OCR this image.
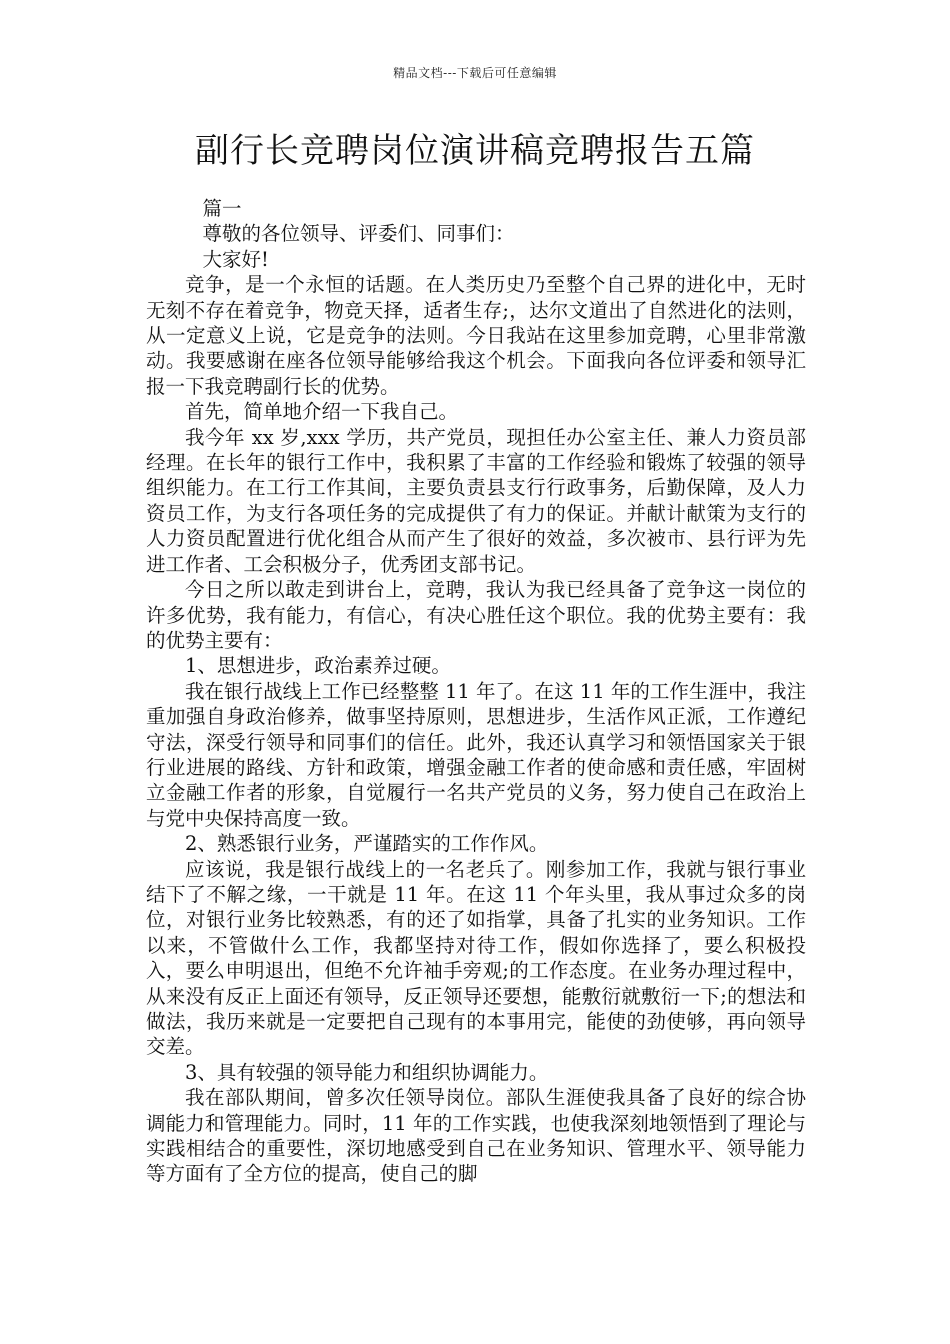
精品文档---下载后可任意编辑
副行长竞聘岗位演讲稿竞聘报告五篇

篇一

尊敬的各位领导、评委们、同事们：

大家好!

竞争，是一个永恒的话题。在人类历史乃至整个自己界的进化中，无时无刻不存在着竞争，物竞天择，适者生存;，达尔文道出了自然进化的法则，从一定意义上说，它是竞争的法则。今日我站在这里参加竞聘，心里非常激动。我要感谢在座各位领导能够给我这个机会。下面我向各位评委和领导汇报一下我竞聘副行长的优势。

首先，简单地介绍一下我自己。

我今年 xx 岁,xxx 学历，共产党员，现担任办公室主任、兼人力资员部经理。在长年的银行工作中，我积累了丰富的工作经验和锻炼了较强的领导组织能力。在工行工作其间，主要负责县支行行政事务，后勤保障，及人力资员工作，为支行各项任务的完成提供了有力的保证。并献计献策为支行的人力资员配置进行优化组合从而产生了很好的效益，多次被市、县行评为先进工作者、工会积极分子，优秀团支部书记。

今日之所以敢走到讲台上，竞聘，我认为我已经具备了竞争这一岗位的许多优势，我有能力，有信心，有决心胜任这个职位。我的优势主要有：我的优势主要有：

1、思想进步，政治素养过硬。

我在银行战线上工作已经整整 11 年了。在这 11 年的工作生涯中，我注重加强自身政治修养，做事坚持原则，思想进步，生活作风正派，工作遵纪守法，深受行领导和同事们的信任。此外，我还认真学习和领悟国家关于银行业进展的路线、方针和政策，增强金融工作者的使命感和责任感，牢固树立金融工作者的形象，自觉履行一名共产党员的义务，努力使自己在政治上与党中央保持高度一致。

2、熟悉银行业务，严谨踏实的工作作风。

应该说，我是银行战线上的一名老兵了。刚参加工作，我就与银行事业结下了不解之缘，一干就是 11 年。在这 11 个年头里，我从事过众多的岗位，对银行业务比较熟悉，有的还了如指掌，具备了扎实的业务知识。工作以来，不管做什么工作，我都坚持对待工作，假如你选择了，要么积极投入，要么申明退出，但绝不允许袖手旁观;的工作态度。在业务办理过程中，从来没有反正上面还有领导，反正领导还要想，能敷衍就敷衍一下;的想法和做法，我历来就是一定要把自己现有的本事用完，能使的劲使够，再向领导交差。

3、具有较强的领导能力和组织协调能力。

我在部队期间，曾多次任领导岗位。部队生涯使我具备了良好的综合协调能力和管理能力。同时，11 年的工作实践，也使我深刻地领悟到了理论与实践相结合的重要性，深切地感受到自己在业务知识、管理水平、领导能力等方面有了全方位的提高，使自己的脚
